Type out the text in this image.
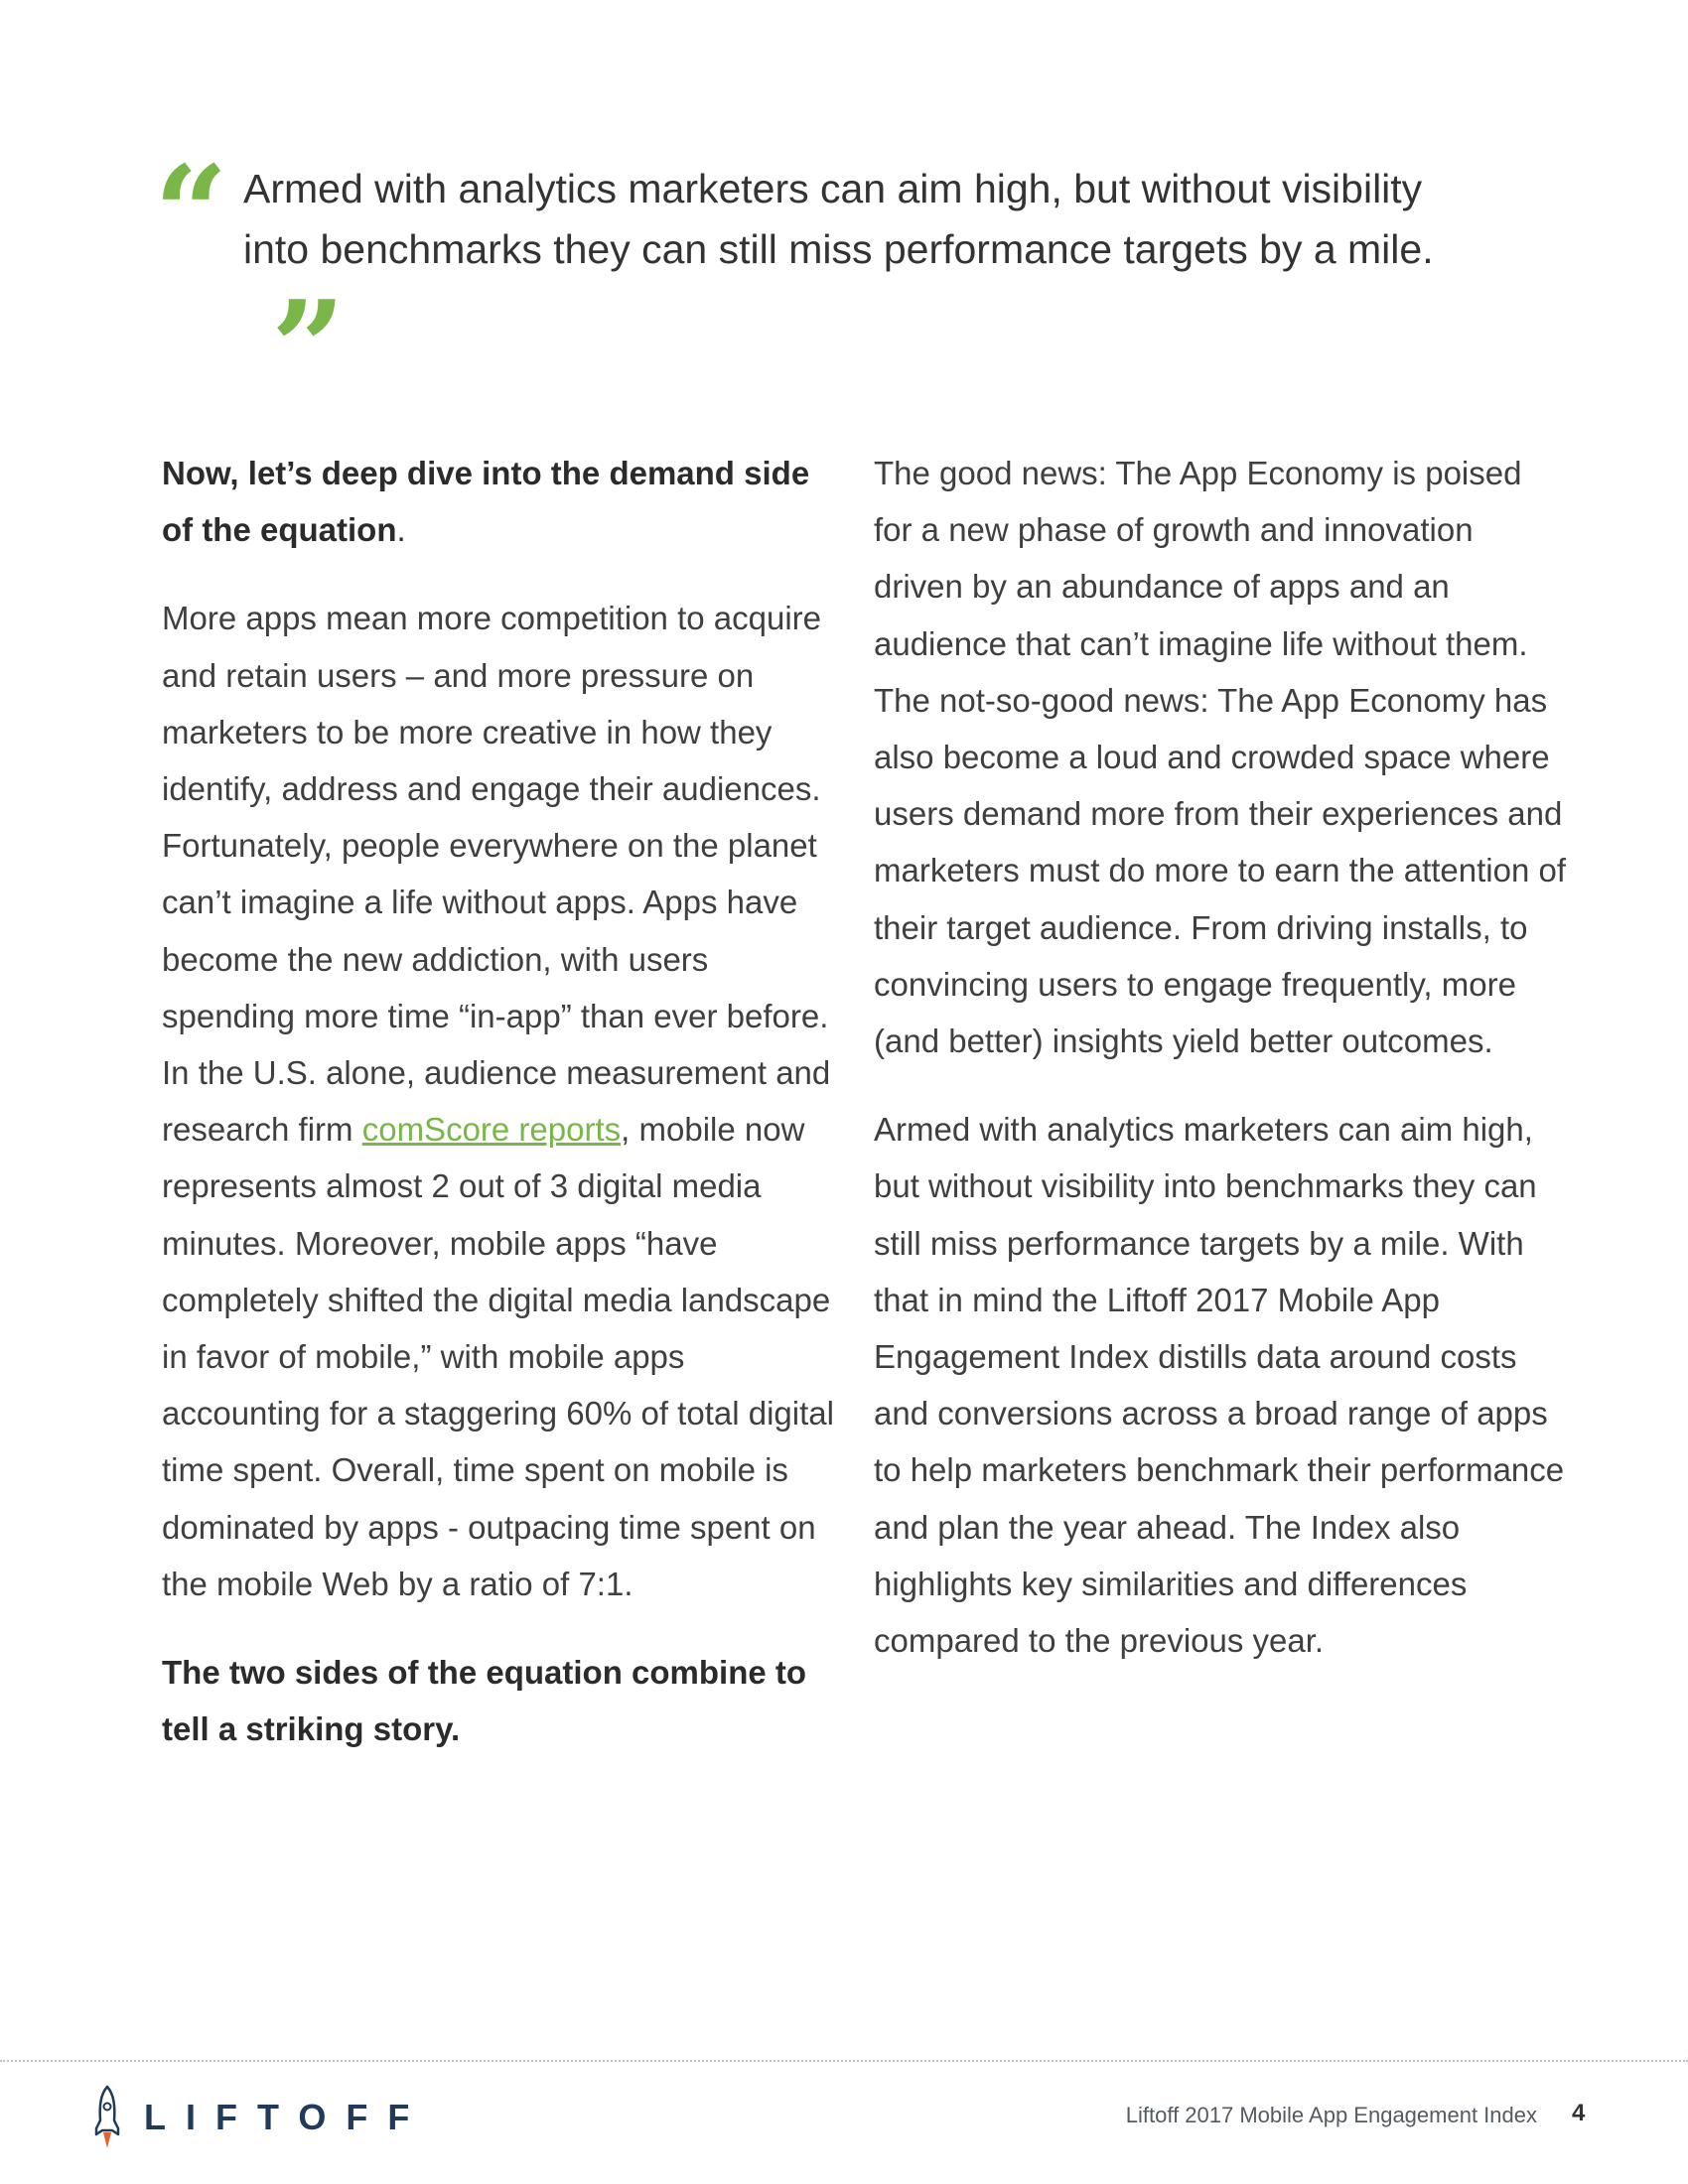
“ Armed with analytics marketers can aim high, but without visibility into benchmarks they can still miss performance targets by a mile.”

Now, let’s deep dive into the demand side of the equation.

More apps mean more competition to acquire and retain users – and more pressure on marketers to be more creative in how they identify, address and engage their audiences. Fortunately, people everywhere on the planet can’t imagine a life without apps. Apps have become the new addiction, with users spending more time “in-app” than ever before. In the U.S. alone, audience measurement and research firm comScore reports, mobile now represents almost 2 out of 3 digital media minutes. Moreover, mobile apps “have completely shifted the digital media landscape in favor of mobile,” with mobile apps accounting for a staggering 60% of total digital time spent. Overall, time spent on mobile is dominated by apps - outpacing time spent on the mobile Web by a ratio of 7:1.

The two sides of the equation combine to tell a striking story.

The good news: The App Economy is poised for a new phase of growth and innovation driven by an abundance of apps and an audience that can’t imagine life without them. The not-so-good news: The App Economy has also become a loud and crowded space where users demand more from their experiences and marketers must do more to earn the attention of their target audience. From driving installs, to convincing users to engage frequently, more (and better) insights yield better outcomes.

Armed with analytics marketers can aim high, but without visibility into benchmarks they can still miss performance targets by a mile. With that in mind the Liftoff 2017 Mobile App Engagement Index distills data around costs and conversions across a broad range of apps to help marketers benchmark their performance and plan the year ahead. The Index also highlights key similarities and differences compared to the previous year.

LIFTOFF	Liftoff 2017 Mobile App Engagement Index 4
